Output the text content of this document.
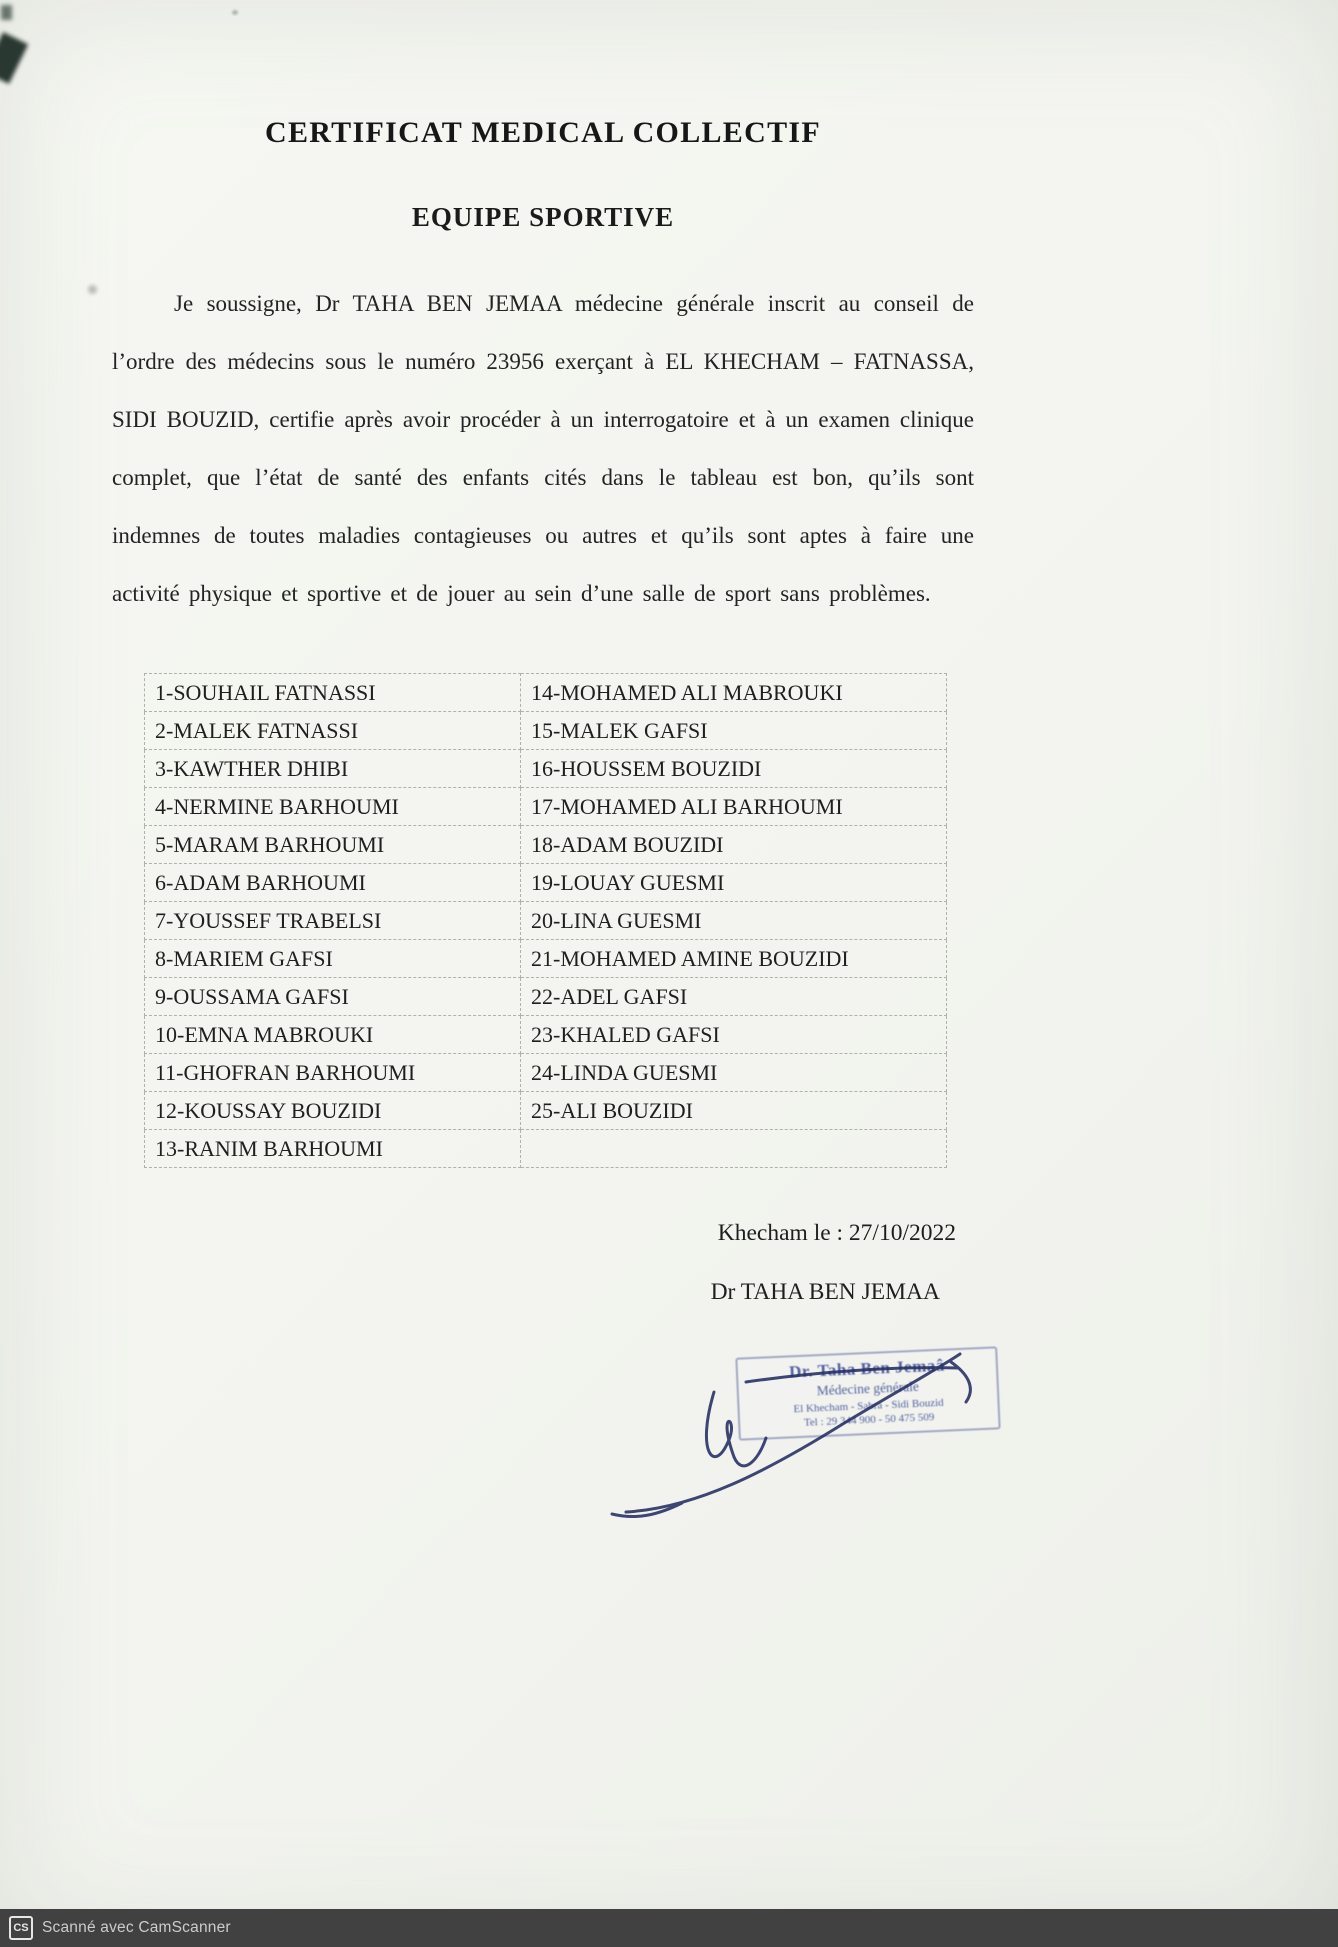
CERTIFICAT MEDICAL COLLECTIF
EQUIPE SPORTIVE

Je soussigne, Dr TAHA BEN JEMAA médecine générale inscrit au conseil de l’ordre des médecins sous le numéro 23956 exerçant à EL KHECHAM – FATNASSA, SIDI BOUZID, certifie après avoir procéder à un interrogatoire et à un examen clinique complet, que l’état de santé des enfants cités dans le tableau est bon, qu’ils sont indemnes de toutes maladies contagieuses ou autres et qu’ils sont aptes à faire une activité physique et sportive et de jouer au sein d’une salle de sport sans problèmes.

1-SOUHAIL FATNASSI	14-MOHAMED ALI MABROUKI
2-MALEK FATNASSI	15-MALEK GAFSI
3-KAWTHER DHIBI	16-HOUSSEM BOUZIDI
4-NERMINE BARHOUMI	17-MOHAMED ALI BARHOUMI
5-MARAM BARHOUMI	18-ADAM BOUZIDI
6-ADAM BARHOUMI	19-LOUAY GUESMI
7-YOUSSEF TRABELSI	20-LINA GUESMI
8-MARIEM GAFSI	21-MOHAMED AMINE BOUZIDI
9-OUSSAMA GAFSI	22-ADEL GAFSI
10-EMNA MABROUKI	23-KHALED GAFSI
11-GHOFRAN BARHOUMI	24-LINDA GUESMI
12-KOUSSAY BOUZIDI	25-ALI BOUZIDI
13-RANIM BARHOUMI	
Khecham le : 27/10/2022
Dr TAHA BEN JEMAA
Dr. Taha Ben Jemaâ
Médecine générale
El Khecham - Sabra - Sidi Bouzid
Tel : 29 344 900 - 50 475 509
CS Scanné avec CamScanner
